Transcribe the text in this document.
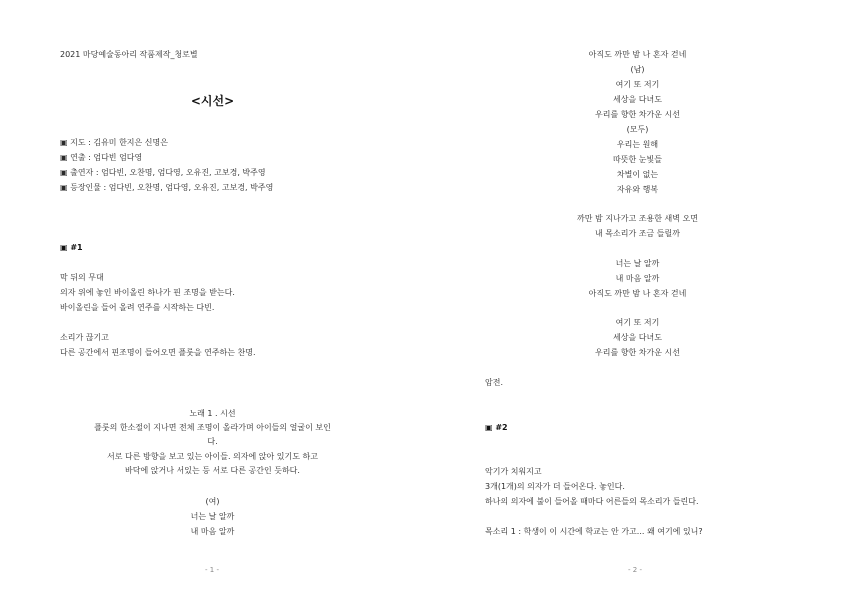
2021 마당예술동아리 작품제작_청로별
<시선>
▣ 지도 : 김유미 한지은 신명은
▣ 연출 : 엄다빈 엄다영
▣ 출연자 : 엄다빈, 오찬명, 엄다영, 오유진, 고보경, 박주영
▣ 등장인물 : 엄다빈, 오찬명, 엄다영, 오유진, 고보경, 박주영
▣ #1
막 뒤의 무대
의자 위에 놓인 바이올린 하나가 핀 조명을 받는다.
바이올린을 들어 올려 연주를 시작하는 다빈.
소리가 끊기고
다른 공간에서 핀조명이 들어오면 플룻을 연주하는 찬명.
노래 1 . 시선
플룻의 한소절이 지나면 전체 조명이 올라가며 아이들의 얼굴이 보인
다.
서로 다른 방향을 보고 있는 아이들. 의자에 앉아 있기도 하고
바닥에 앉거나 서있는 등 서로 다른 공간인 듯하다.
(여)
너는 날 알까
내 마음 알까
- 1 -
아직도 까만 밤 나 혼자 걷네
(남)
여기 또 저기
세상을 다녀도
우리를 향한 차가운 시선
(모두)
우리는 원해
따뜻한 눈빛들
차별이 없는
자유와 행복
까만 밤 지나가고 조용한 새벽 오면
내 목소리가 조금 들릴까
너는 날 알까
내 마음 알까
아직도 까만 밤 나 혼자 걷네
여기 또 저기
세상을 다녀도
우리를 향한 차가운 시선
암전.
▣ #2
악기가 치워지고
3개(1개)의 의자가 더 들어온다. 놓인다.
하나의 의자에 불이 들어올 때마다 어른들의 목소리가 들린다.
목소리 1 : 학생이 이 시간에 학교는 안 가고... 왜 여기에 있니?
- 2 -
